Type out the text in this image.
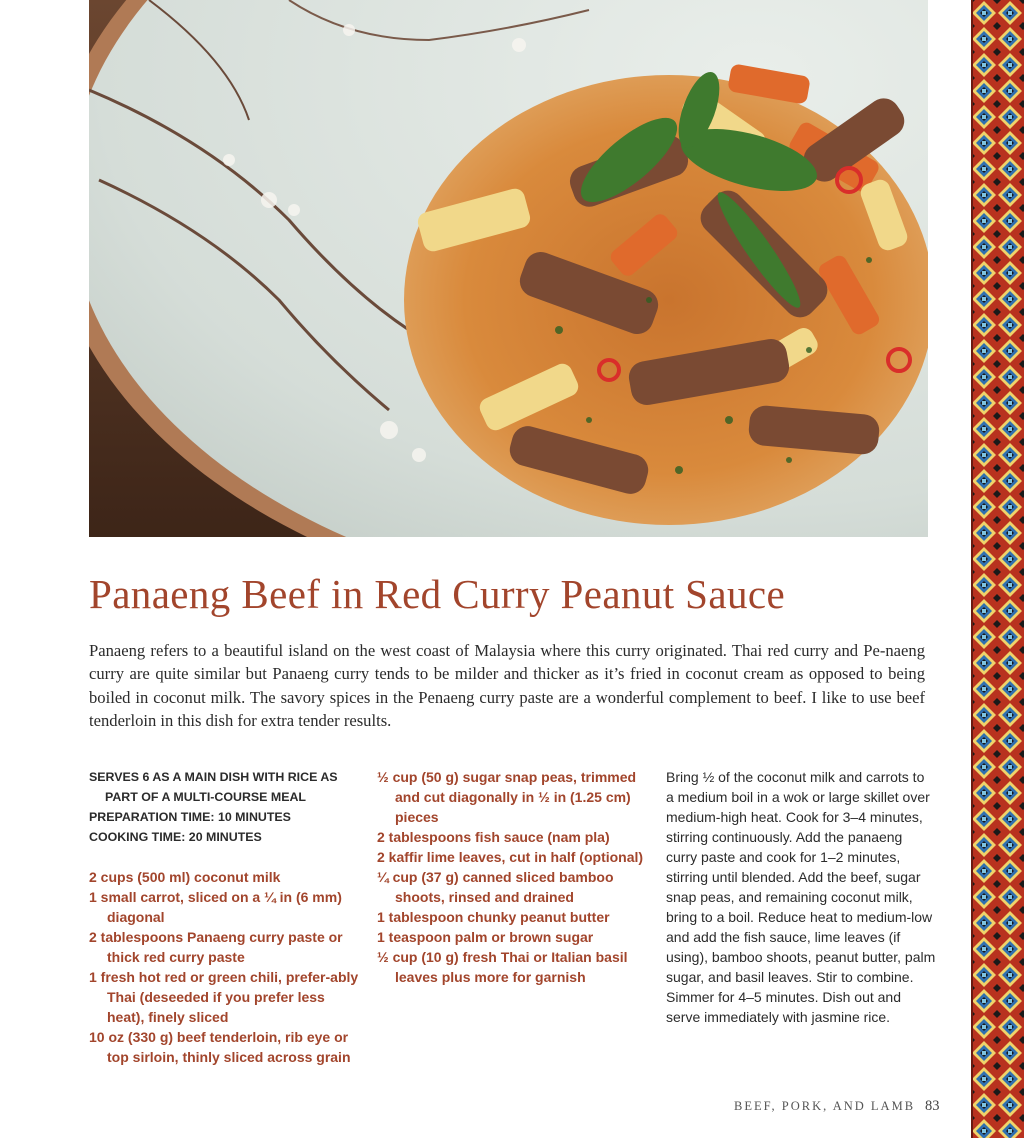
Panaeng Beef in Red Curry Peanut Sauce

Panaeng refers to a beautiful island on the west coast of Malaysia where this curry originated. Thai red curry and Pe-naeng curry are quite similar but Panaeng curry tends to be milder and thicker as it’s fried in coconut cream as opposed to being boiled in coconut milk. The savory spices in the Penaeng curry paste are a wonderful complement to beef. I like to use beef tenderloin in this dish for extra tender results.

SERVES 6 AS A MAIN DISH WITH RICE AS PART OF A MULTI-COURSE MEAL
PREPARATION TIME: 10 MINUTES
COOKING TIME: 20 MINUTES
2 cups (500 ml) coconut milk
1 small carrot, sliced on a ¼ in (6 mm) diagonal
2 tablespoons Panaeng curry paste or thick red curry paste
1 fresh hot red or green chili, prefer-ably Thai (deseeded if you prefer less heat), finely sliced
10 oz (330 g) beef tenderloin, rib eye or top sirloin, thinly sliced across grain
½ cup (50 g) sugar snap peas, trimmed and cut diagonally in ½ in (1.25 cm) pieces
2 tablespoons fish sauce (nam pla)
2 kaffir lime leaves, cut in half (optional)
¼ cup (37 g) canned sliced bamboo shoots, rinsed and drained
1 tablespoon chunky peanut butter
1 teaspoon palm or brown sugar
½ cup (10 g) fresh Thai or Italian basil leaves plus more for garnish

Bring ½ of the coconut milk and carrots to a medium boil in a wok or large skillet over medium-high heat. Cook for 3–4 minutes, stirring continuously. Add the panaeng curry paste and cook for 1–2 minutes, stirring until blended. Add the beef, sugar snap peas, and remaining coconut milk, bring to a boil. Reduce heat to medium-low and add the fish sauce, lime leaves (if using), bamboo shoots, peanut butter, palm sugar, and basil leaves. Stir to combine. Simmer for 4–5 minutes. Dish out and serve immediately with jasmine rice.

BEEF, PORK, AND LAMB 83
